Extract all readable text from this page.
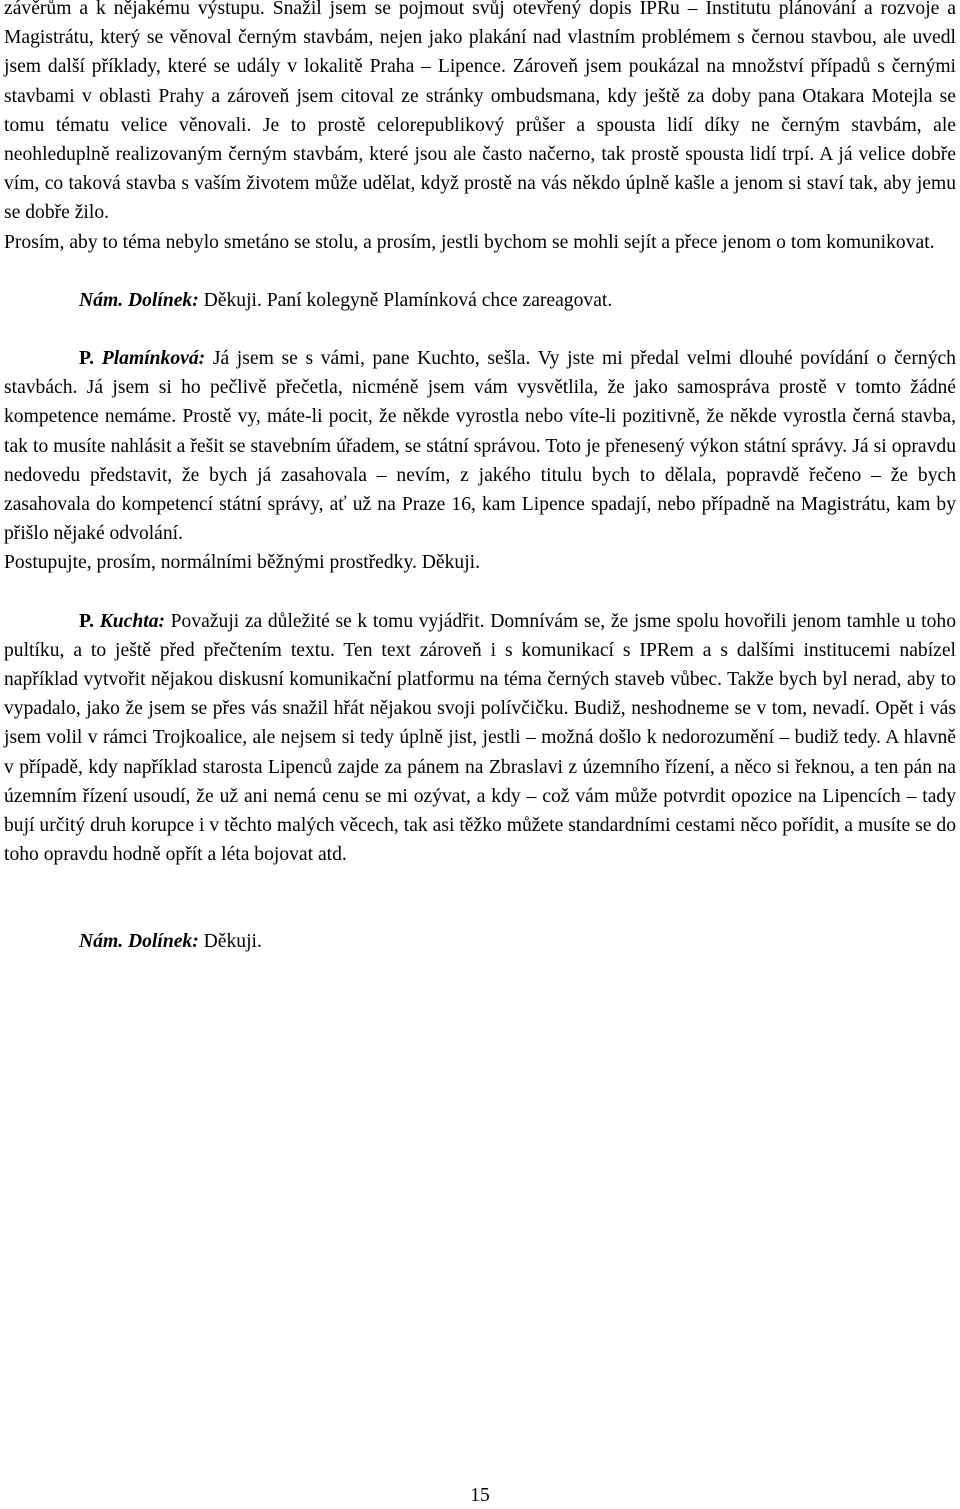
závěrům a k nějakému výstupu. Snažil jsem se pojmout svůj otevřený dopis IPRu – Institutu plánování a rozvoje a Magistrátu, který se věnoval černým stavbám, nejen jako plakání nad vlastním problémem s černou stavbou, ale uvedl jsem další příklady, které se udály v lokalitě Praha – Lipence. Zároveň jsem poukázal na množství případů s černými stavbami v oblasti Prahy a zároveň jsem citoval ze stránky ombudsmana, kdy ještě za doby pana Otakara Motejla se tomu tématu velice věnovali. Je to prostě celorepublikový průšer a spousta lidí díky ne černým stavbám, ale neohleduplně realizovaným černým stavbám, které jsou ale často načerno, tak prostě spousta lidí trpí. A já velice dobře vím, co taková stavba s vaším životem může udělat, když prostě na vás někdo úplně kašle a jenom si staví tak, aby jemu se dobře žilo.

Prosím, aby to téma nebylo smetáno se stolu, a prosím, jestli bychom se mohli sejít a přece jenom o tom komunikovat.

Nám. Dolínek: Děkuji. Paní kolegyně Plamínková chce zareagovat.

P. Plamínková: Já jsem se s vámi, pane Kuchto, sešla. Vy jste mi předal velmi dlouhé povídání o černých stavbách. Já jsem si ho pečlivě přečetla, nicméně jsem vám vysvětlila, že jako samospráva prostě v tomto žádné kompetence nemáme. Prostě vy, máte-li pocit, že někde vyrostla nebo víte-li pozitivně, že někde vyrostla černá stavba, tak to musíte nahlásit a řešit se stavebním úřadem, se státní správou. Toto je přenesený výkon státní správy. Já si opravdu nedovedu představit, že bych já zasahovala – nevím, z jakého titulu bych to dělala, popravdě řečeno – že bych zasahovala do kompetencí státní správy, ať už na Praze 16, kam Lipence spadají, nebo případně na Magistrátu, kam by přišlo nějaké odvolání.

Postupujte, prosím, normálními běžnými prostředky. Děkuji.

P. Kuchta: Považuji za důležité se k tomu vyjádřit. Domnívám se, že jsme spolu hovořili jenom tamhle u toho pultíku, a to ještě před přečtením textu. Ten text zároveň i s komunikací s IPRem a s dalšími institucemi nabízel například vytvořit nějakou diskusní komunikační platformu na téma černých staveb vůbec. Takže bych byl nerad, aby to vypadalo, jako že jsem se přes vás snažil hřát nějakou svoji polívčičku. Budiž, neshodneme se v tom, nevadí. Opět i vás jsem volil v rámci Trojkoalice, ale nejsem si tedy úplně jist, jestli – možná došlo k nedorozumění – budiž tedy. A hlavně v případě, kdy například starosta Lipenců zajde za pánem na Zbraslavi z územního řízení, a něco si řeknou, a ten pán na územním řízení usoudí, že už ani nemá cenu se mi ozývat, a kdy – což vám může potvrdit opozice na Lipencích – tady bují určitý druh korupce i v těchto malých věcech, tak asi těžko můžete standardními cestami něco pořídit, a musíte se do toho opravdu hodně opřít a léta bojovat atd.

Nám. Dolínek: Děkuji.

15
